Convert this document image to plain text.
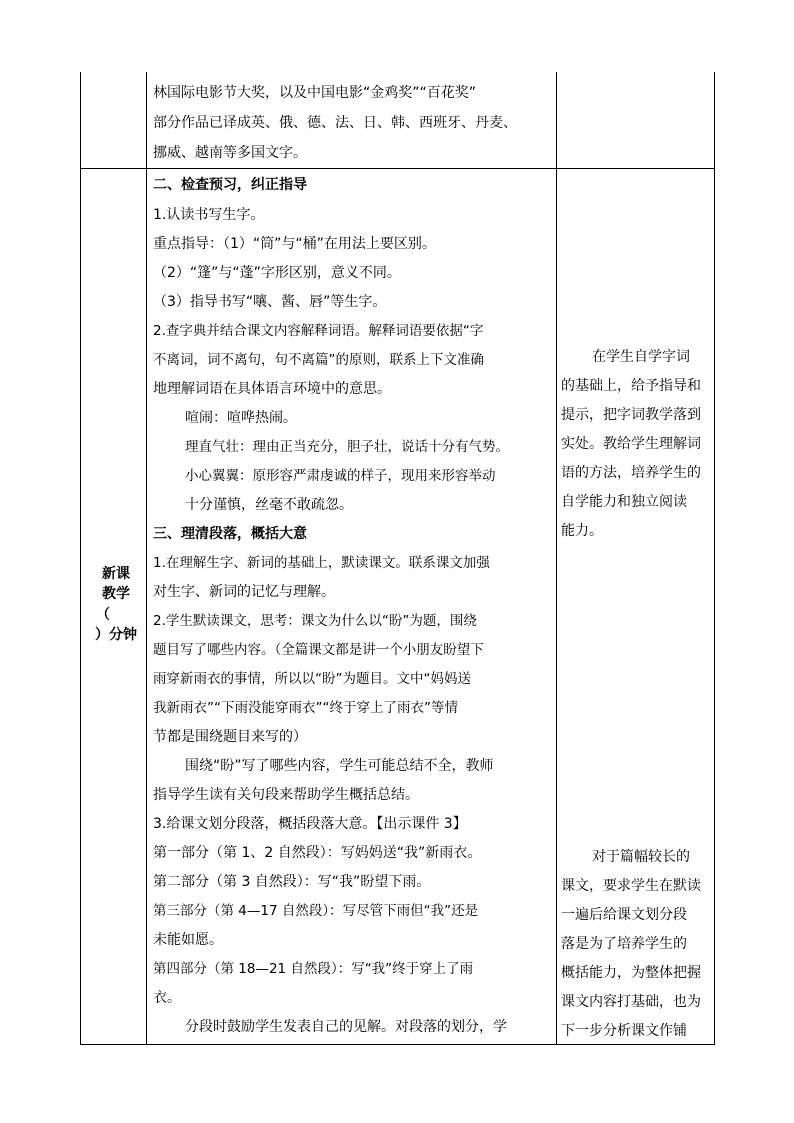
林国际电影节大奖，以及中国电影“金鸡奖”“百花奖”
部分作品已译成英、俄、德、法、日、韩、西班牙、丹麦、
挪威、越南等多国文字。
新课
教学
（
）分钟
二、检查预习，纠正指导
1.认读书写生字。
重点指导：（1）“筒”与“桶”在用法上要区别。
（2）“篷”与“蓬”字形区别，意义不同。
（3）指导书写“嚷、酱、唇”等生字。
2.查字典并结合课文内容解释词语。解释词语要依据“字
不离词，词不离句，句不离篇”的原则，联系上下文准确
地理解词语在具体语言环境中的意思。
喧闹：喧哗热闹。
理直气壮：理由正当充分，胆子壮，说话十分有气势。
小心翼翼：原形容严肃虔诚的样子，现用来形容举动
十分谨慎，丝毫不敢疏忽。
三、理清段落，概括大意
1.在理解生字、新词的基础上，默读课文。联系课文加强
对生字、新词的记忆与理解。
2.学生默读课文，思考：课文为什么以“盼”为题，围绕
题目写了哪些内容。（全篇课文都是讲一个小朋友盼望下
雨穿新雨衣的事情，所以以“盼”为题目。文中“妈妈送
我新雨衣”“下雨没能穿雨衣”“终于穿上了雨衣”等情
节都是围绕题目来写的）
围绕“盼”写了哪些内容，学生可能总结不全，教师
指导学生读有关句段来帮助学生概括总结。
3.给课文划分段落，概括段落大意。【出示课件 3】
第一部分（第 1、2 自然段）：写妈妈送“我”新雨衣。
第二部分（第 3 自然段）：写“我”盼望下雨。
第三部分（第 4—17 自然段）：写尽管下雨但“我”还是
未能如愿。
第四部分（第 18—21 自然段）：写“我”终于穿上了雨
衣。
分段时鼓励学生发表自己的见解。对段落的划分，学
在学生自学字词
的基础上，给予指导和
提示，把字词教学落到
实处。教给学生理解词
语的方法，培养学生的
自学能力和独立阅读
能力。
对于篇幅较长的
课文，要求学生在默读
一遍后给课文划分段
落是为了培养学生的
概括能力，为整体把握
课文内容打基础，也为
下一步分析课文作铺
